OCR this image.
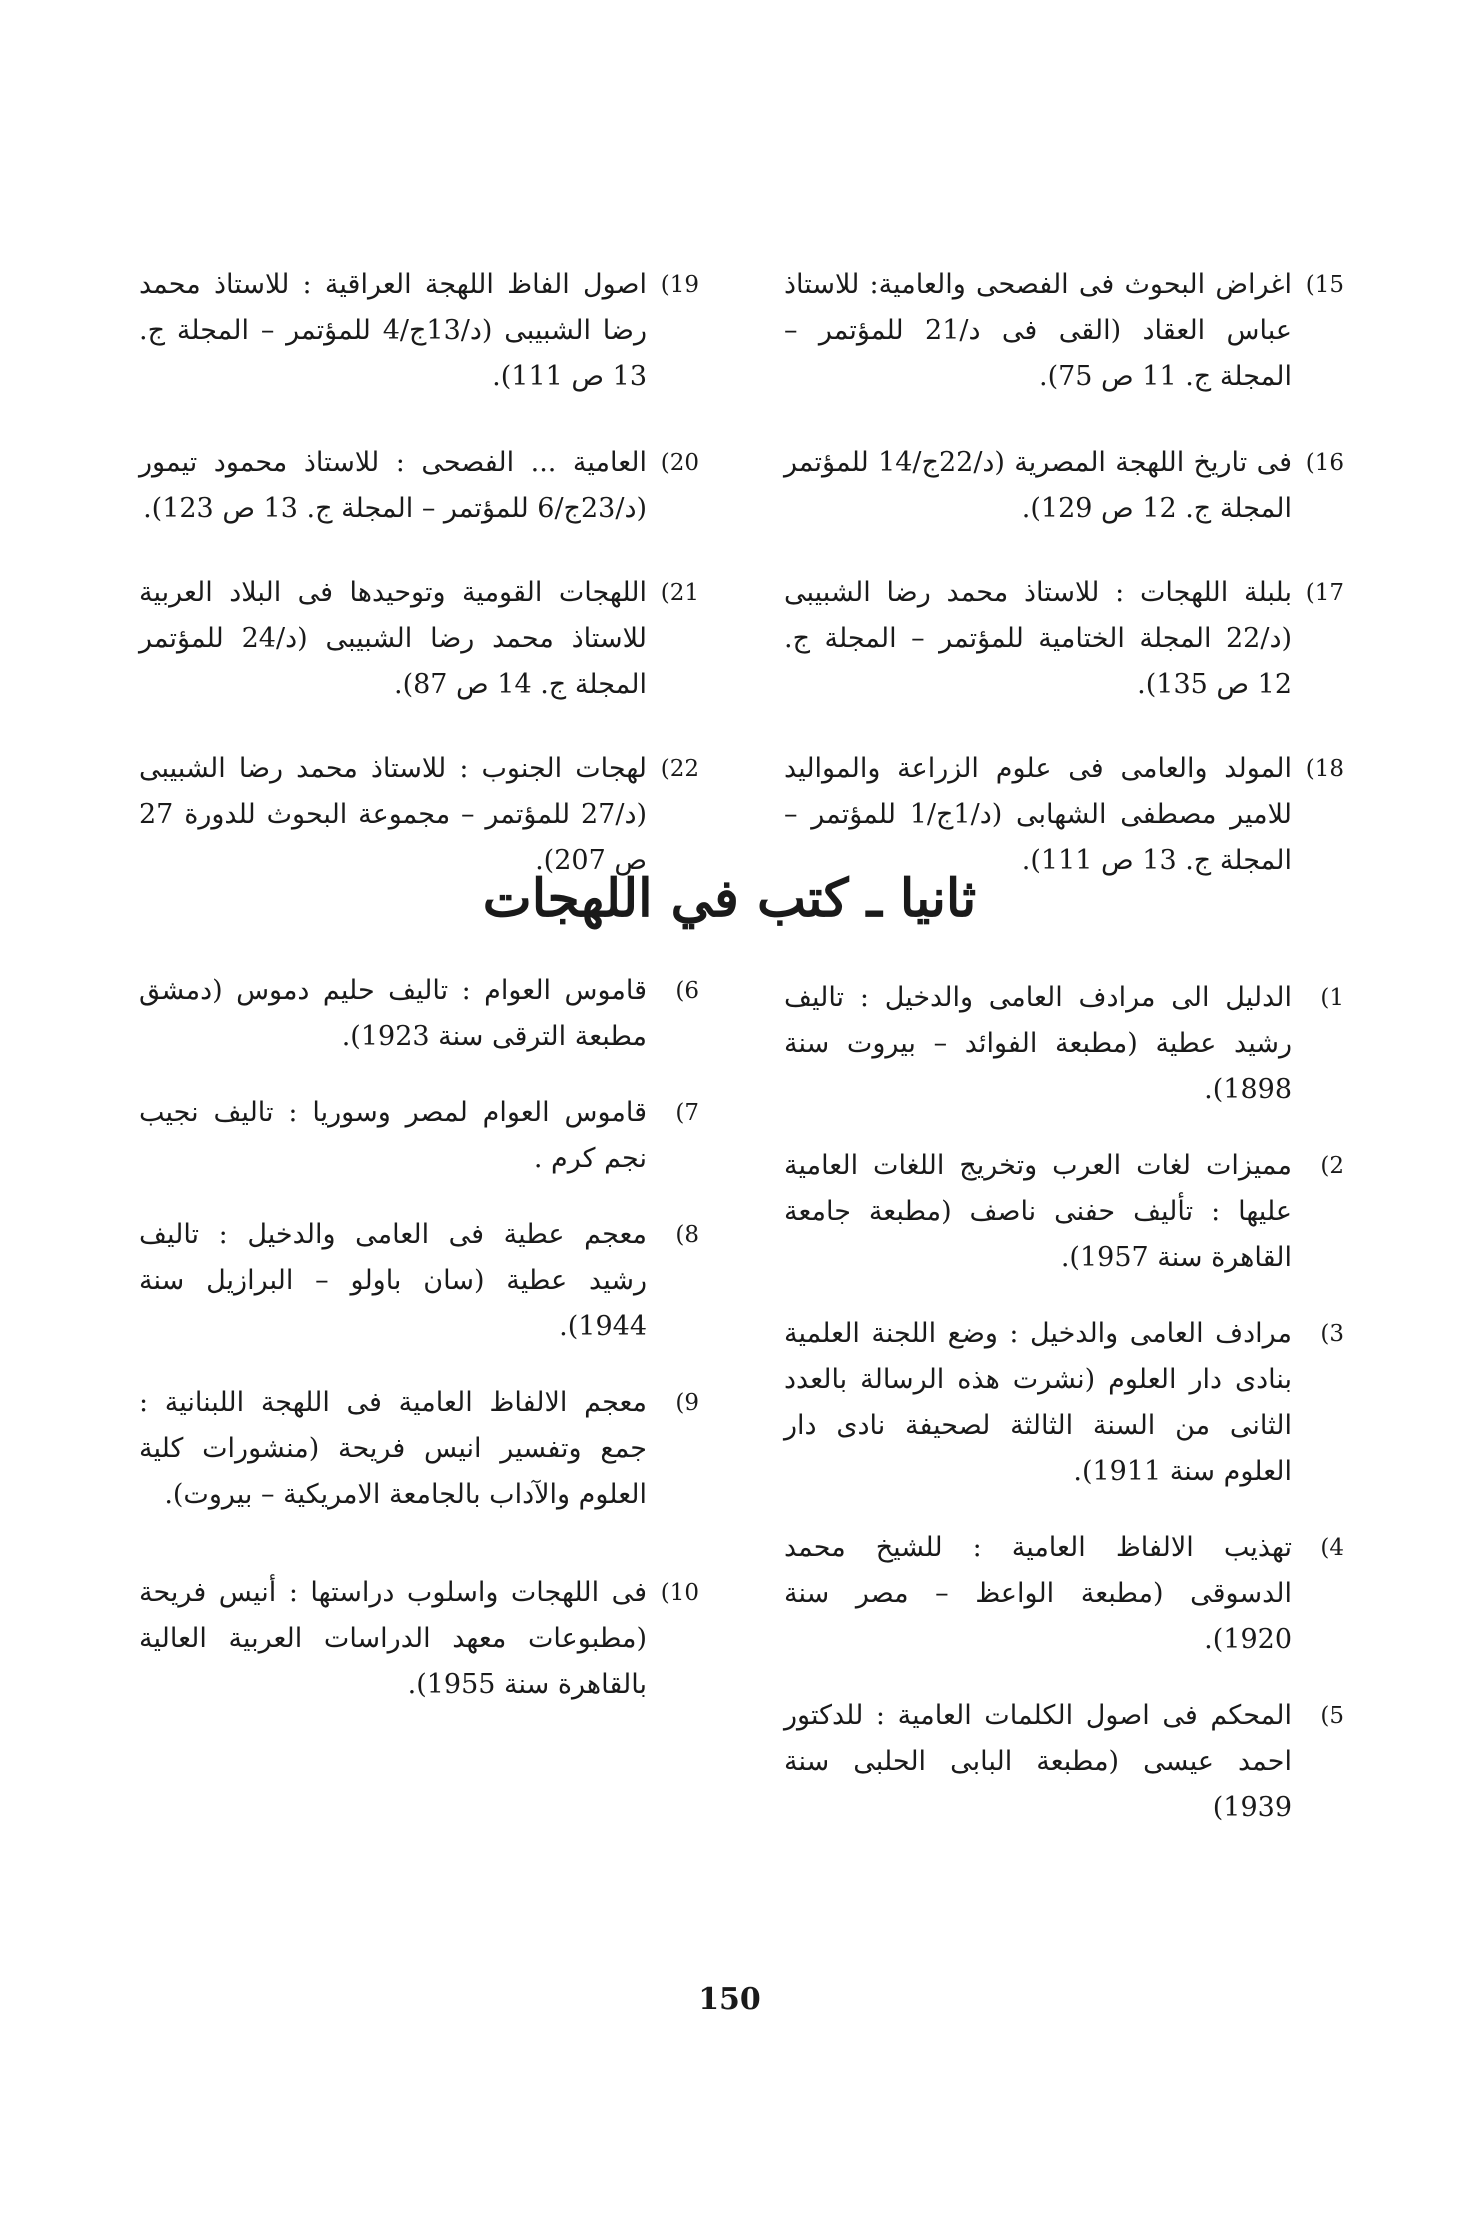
15)
اغراض البحوث فى الفصحى والعامية: للاستاذ عباس العقاد (القى فى د/21 للمؤتمر – المجلة ج. 11 ص 75).
16)
فى تاريخ اللهجة المصرية (د/22ج/14 للمؤتمر المجلة ج. 12 ص 129).
17)
بلبلة اللهجات : للاستاذ محمد رضا الشبيبى (د/22 المجلة الختامية للمؤتمر – المجلة ج. 12 ص 135).
18)
المولد والعامى فى علوم الزراعة والمواليد للامير مصطفى الشهابى (د/1ج/1 للمؤتمر – المجلة ج. 13 ص 111).
19)
اصول الفاظ اللهجة العراقية : للاستاذ محمد رضا الشبيبى (د/13ج/4 للمؤتمر – المجلة ج. 13 ص 111).
20)
العامية ... الفصحى : للاستاذ محمود تيمور (د/23ج/6 للمؤتمر – المجلة ج. 13 ص 123).
21)
اللهجات القومية وتوحيدها فى البلاد العربية للاستاذ محمد رضا الشبيبى (د/24 للمؤتمر المجلة ج. 14 ص 87).
22)
لهجات الجنوب : للاستاذ محمد رضا الشبيبى (د/27 للمؤتمر – مجموعة البحوث للدورة 27 ص 207).
ثانيا ـ كتب في اللهجات
1)
الدليل الى مرادف العامى والدخيل : تاليف رشيد عطية (مطبعة الفوائد – بيروت سنة 1898).
2)
مميزات لغات العرب وتخريج اللغات العامية عليها : تأليف حفنى ناصف (مطبعة جامعة القاهرة سنة 1957).
3)
مرادف العامى والدخيل : وضع اللجنة العلمية بنادى دار العلوم (نشرت هذه الرسالة بالعدد الثانى من السنة الثالثة لصحيفة نادى دار العلوم سنة 1911).
4)
تهذيب الالفاظ العامية : للشيخ محمد الدسوقى (مطبعة الواعظ – مصر سنة 1920).
5)
المحكم فى اصول الكلمات العامية : للدكتور احمد عيسى (مطبعة البابى الحلبى سنة 1939)
6)
قاموس العوام : تاليف حليم دموس (دمشق مطبعة الترقى سنة 1923).
7)
قاموس العوام لمصر وسوريا : تاليف نجيب نجم كرم .
8)
معجم عطية فى العامى والدخيل : تاليف رشيد عطية (سان باولو – البرازيل سنة 1944).
9)
معجم الالفاظ العامية فى اللهجة اللبنانية : جمع وتفسير انيس فريحة (منشورات كلية العلوم والآداب بالجامعة الامريكية – بيروت).
10)
فى اللهجات واسلوب دراستها : أنيس فريحة (مطبوعات معهد الدراسات العربية العالية بالقاهرة سنة 1955).
150
